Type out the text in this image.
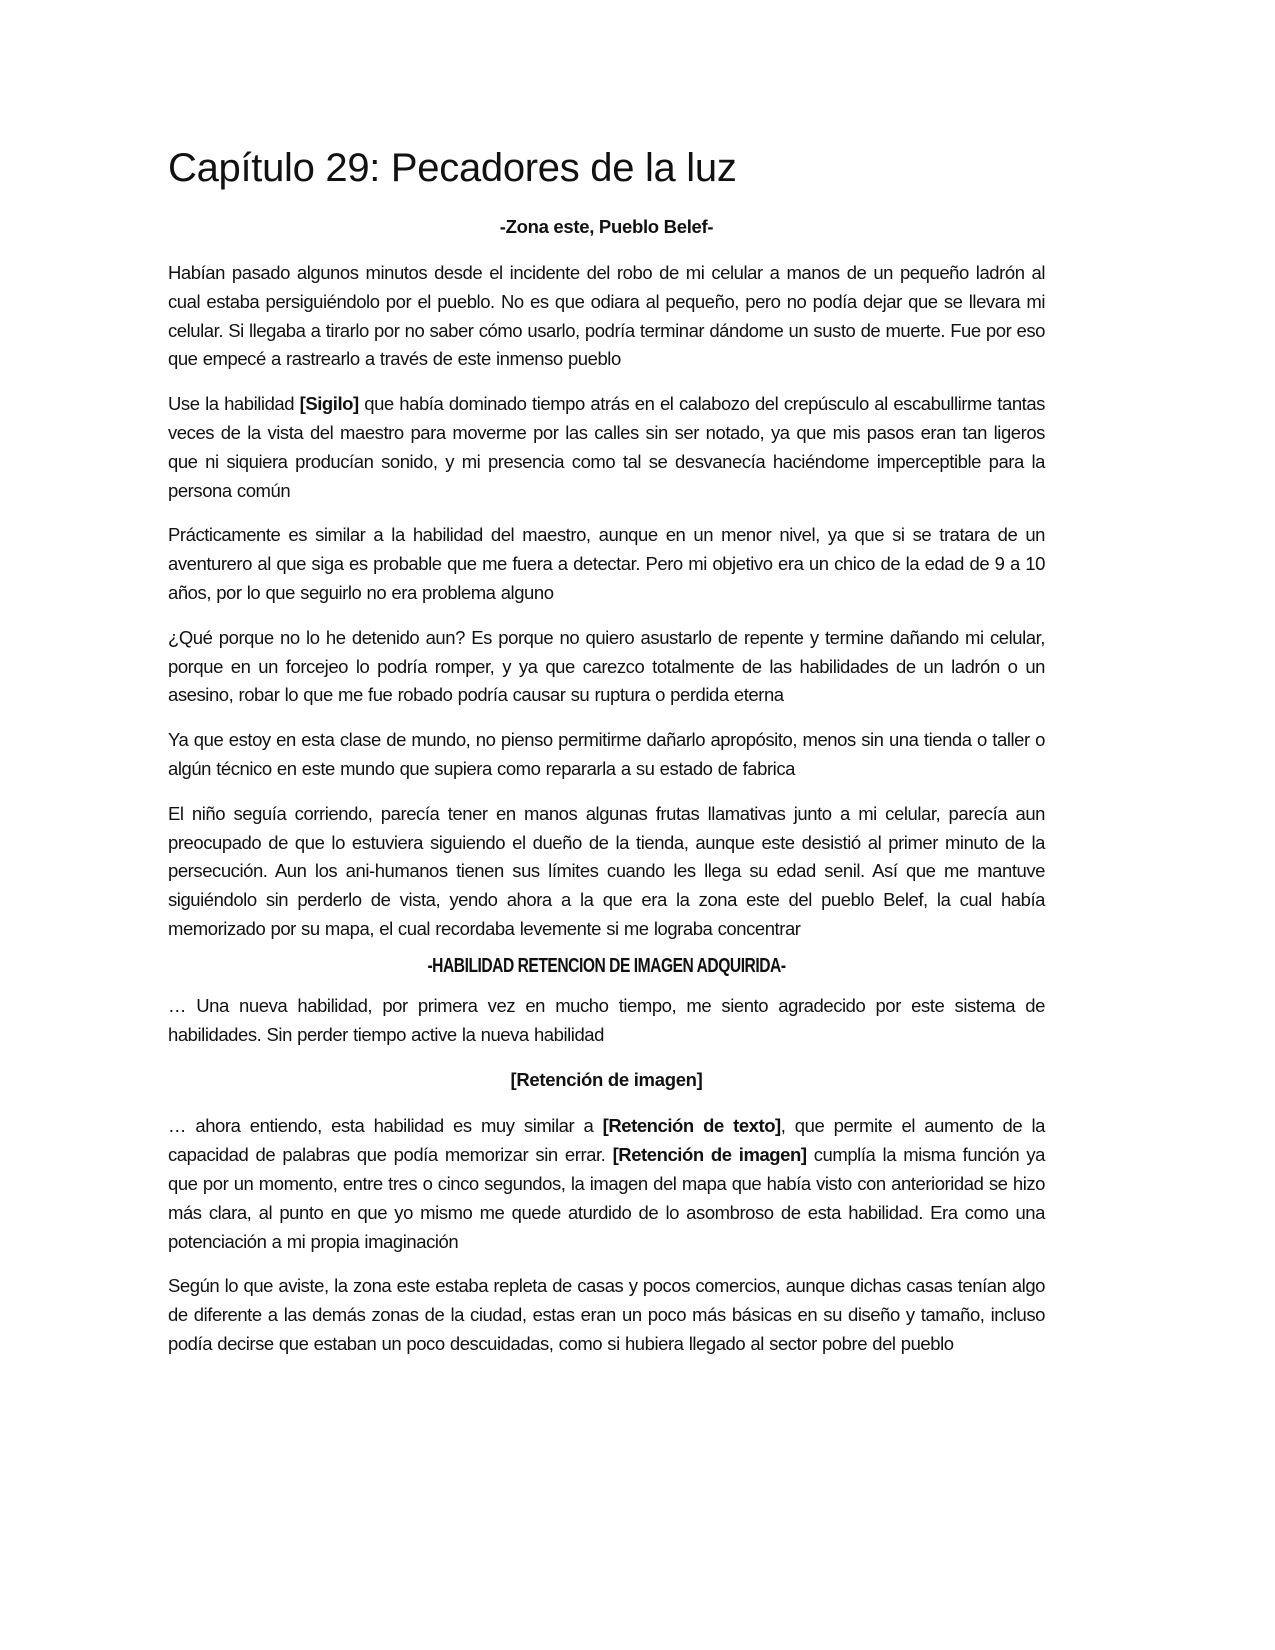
Capítulo 29: Pecadores de la luz
-Zona este, Pueblo Belef-

Habían pasado algunos minutos desde el incidente del robo de mi celular a manos de un pequeño ladrón al cual estaba persiguiéndolo por el pueblo. No es que odiara al pequeño, pero no podía dejar que se llevara mi celular. Si llegaba a tirarlo por no saber cómo usarlo, podría terminar dándome un susto de muerte. Fue por eso que empecé a rastrearlo a través de este inmenso pueblo

Use la habilidad [Sigilo] que había dominado tiempo atrás en el calabozo del crepúsculo al escabullirme tantas veces de la vista del maestro para moverme por las calles sin ser notado, ya que mis pasos eran tan ligeros que ni siquiera producían sonido, y mi presencia como tal se desvanecía haciéndome imperceptible para la persona común

Prácticamente es similar a la habilidad del maestro, aunque en un menor nivel, ya que si se tratara de un aventurero al que siga es probable que me fuera a detectar. Pero mi objetivo era un chico de la edad de 9 a 10 años, por lo que seguirlo no era problema alguno

¿Qué porque no lo he detenido aun? Es porque no quiero asustarlo de repente y termine dañando mi celular, porque en un forcejeo lo podría romper, y ya que carezco totalmente de las habilidades de un ladrón o un asesino, robar lo que me fue robado podría causar su ruptura o perdida eterna

Ya que estoy en esta clase de mundo, no pienso permitirme dañarlo apropósito, menos sin una tienda o taller o algún técnico en este mundo que supiera como repararla a su estado de fabrica

El niño seguía corriendo, parecía tener en manos algunas frutas llamativas junto a mi celular, parecía aun preocupado de que lo estuviera siguiendo el dueño de la tienda, aunque este desistió al primer minuto de la persecución. Aun los ani-humanos tienen sus límites cuando les llega su edad senil. Así que me mantuve siguiéndolo sin perderlo de vista, yendo ahora a la que era la zona este del pueblo Belef, la cual había memorizado por su mapa, el cual recordaba levemente si me lograba concentrar

-HABILIDAD RETENCION DE IMAGEN ADQUIRIDA-

… Una nueva habilidad, por primera vez en mucho tiempo, me siento agradecido por este sistema de habilidades. Sin perder tiempo active la nueva habilidad

[Retención de imagen]

… ahora entiendo, esta habilidad es muy similar a [Retención de texto], que permite el aumento de la capacidad de palabras que podía memorizar sin errar. [Retención de imagen] cumplía la misma función ya que por un momento, entre tres o cinco segundos, la imagen del mapa que había visto con anterioridad se hizo más clara, al punto en que yo mismo me quede aturdido de lo asombroso de esta habilidad. Era como una potenciación a mi propia imaginación

Según lo que aviste, la zona este estaba repleta de casas y pocos comercios, aunque dichas casas tenían algo de diferente a las demás zonas de la ciudad, estas eran un poco más básicas en su diseño y tamaño, incluso podía decirse que estaban un poco descuidadas, como si hubiera llegado al sector pobre del pueblo
